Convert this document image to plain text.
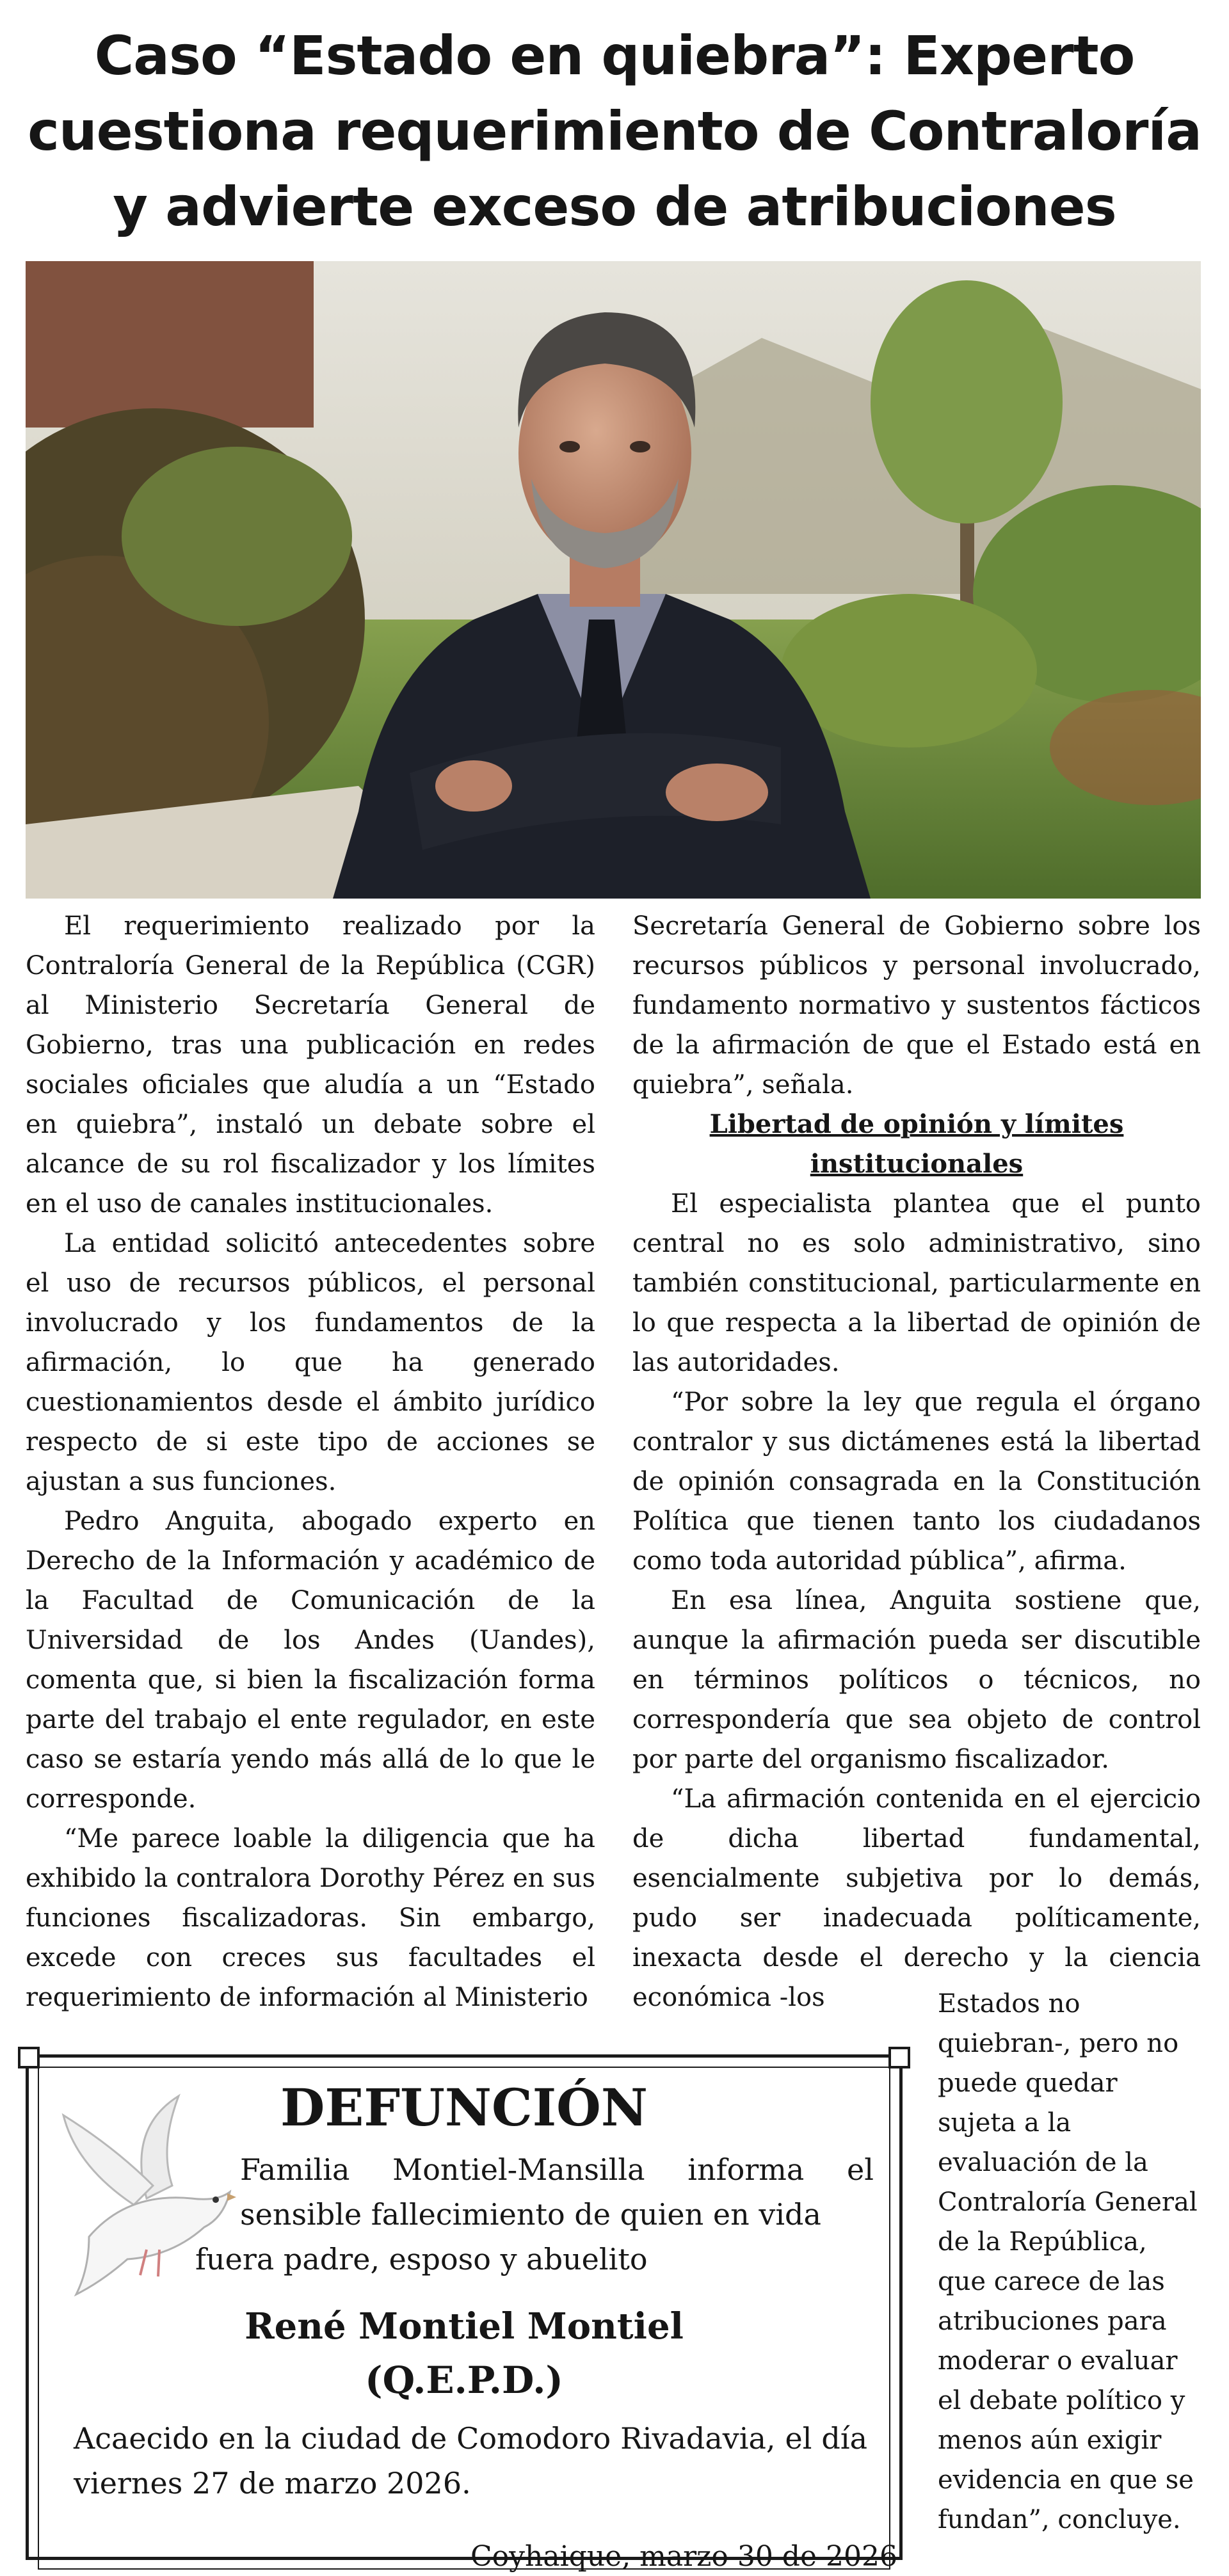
Caso “Estado en quiebra”: Experto cuestiona requerimiento de Contraloría y advierte exceso de atribuciones

El requerimiento realizado por la Contraloría General de la República (CGR) al Ministerio Secretaría General de Gobierno, tras una publicación en redes sociales oficiales que aludía a un “Estado en quiebra”, instaló un debate sobre el alcance de su rol fiscalizador y los límites en el uso de canales institucionales.

La entidad solicitó antecedentes sobre el uso de recursos públicos, el personal involucrado y los fundamentos de la afirmación, lo que ha generado cuestionamientos desde el ámbito jurídico respecto de si este tipo de acciones se ajustan a sus funciones.

Pedro Anguita, abogado experto en Derecho de la Información y académico de la Facultad de Comunicación de la Universidad de los Andes (Uandes), comenta que, si bien la fiscalización forma parte del trabajo el ente regulador, en este caso se estaría yendo más allá de lo que le corresponde.

“Me parece loable la diligencia que ha exhibido la contralora Dorothy Pérez en sus funciones fiscalizadoras. Sin embargo, excede con creces sus facultades el requerimiento de información al Ministerio

Secretaría General de Gobierno sobre los recursos públicos y personal involucrado, fundamento normativo y sustentos fácticos de la afirmación de que el Estado está en quiebra”, señala.

Libertad de opinión y límites institucionales

El especialista plantea que el punto central no es solo administrativo, sino también constitucional, particularmente en lo que respecta a la libertad de opinión de las autoridades.

“Por sobre la ley que regula el órgano contralor y sus dictámenes está la libertad de opinión consagrada en la Constitución Política que tienen tanto los ciudadanos como toda autoridad pública”, afirma.

En esa línea, Anguita sostiene que, aunque la afirmación pueda ser discutible en términos políticos o técnicos, no correspondería que sea objeto de control por parte del organismo fiscalizador.

“La afirmación contenida en el ejercicio de dicha libertad fundamental, esencialmente subjetiva por lo demás, pudo ser inadecuada políticamente, inexacta desde el derecho y la ciencia económica -los	Estados no quiebran-, pero no puede quedar sujeta a la evaluación de la Contraloría General de la República, que carece de las atribuciones para moderar o evaluar el debate político y menos aún exigir evidencia en que se fundan”, concluye.

DEFUNCIÓN
Familia Montiel-Mansilla informa el sensible fallecimiento de quien en vida
fuera padre, esposo y abuelito
René Montiel Montiel
(Q.E.P.D.)
Acaecido en la ciudad de Comodoro Rivadavia, el día viernes 27 de marzo 2026.
Coyhaique, marzo 30 de 2026
